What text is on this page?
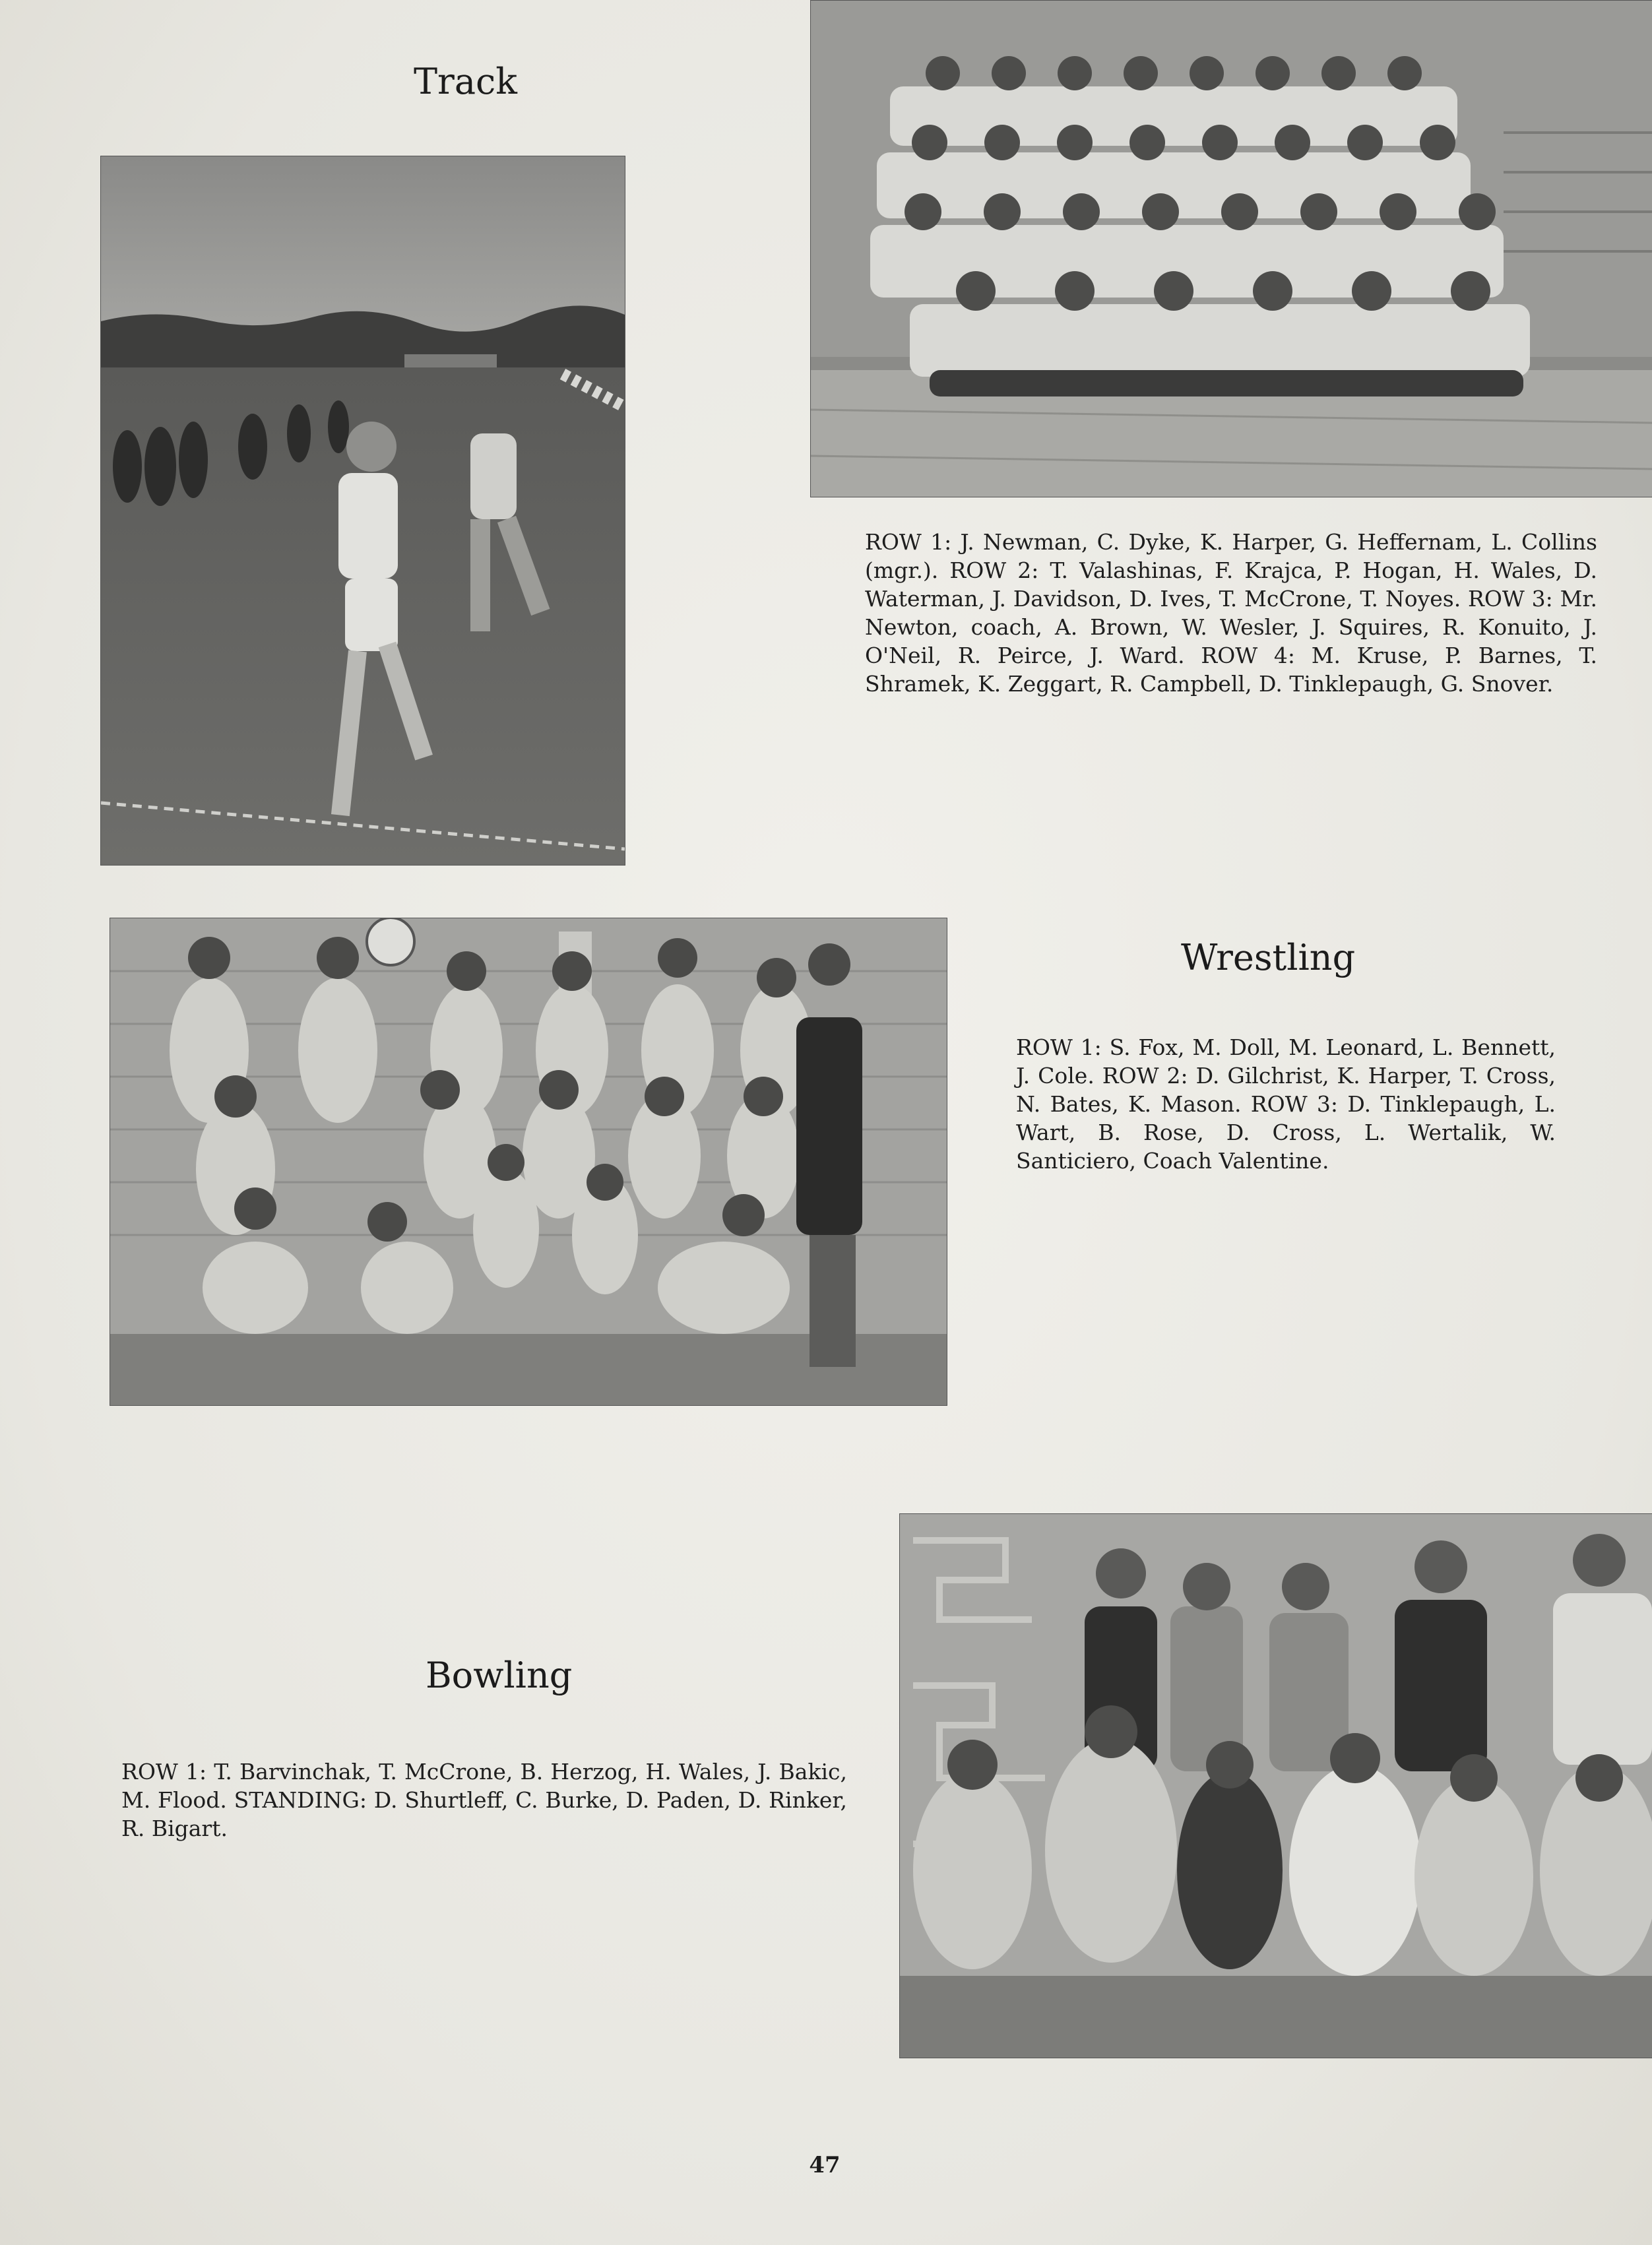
Track

ROW 1: J. Newman, C. Dyke, K. Harper, G. Heffernam, L. Collins (mgr.). ROW 2: T. Valashinas, F. Krajca, P. Hogan, H. Wales, D. Waterman, J. Davidson, D. Ives, T. McCrone, T. Noyes. ROW 3: Mr. Newton, coach, A. Brown, W. Wesler, J. Squires, R. Konuito, J. O'Neil, R. Peirce, J. Ward. ROW 4: M. Kruse, P. Barnes, T. Shramek, K. Zeggart, R. Campbell, D. Tinklepaugh, G. Snover.

Wrestling

ROW 1: S. Fox, M. Doll, M. Leonard, L. Bennett, J. Cole. ROW 2: D. Gilchrist, K. Harper, T. Cross, N. Bates, K. Mason. ROW 3: D. Tinklepaugh, L. Wart, B. Rose, D. Cross, L. Wertalik, W. Santiciero, Coach Valentine.

Bowling

ROW 1: T. Barvinchak, T. McCrone, B. Herzog, H. Wales, J. Bakic, M. Flood. STANDING: D. Shurtleff, C. Burke, D. Paden, D. Rinker, R. Bigart.

47
